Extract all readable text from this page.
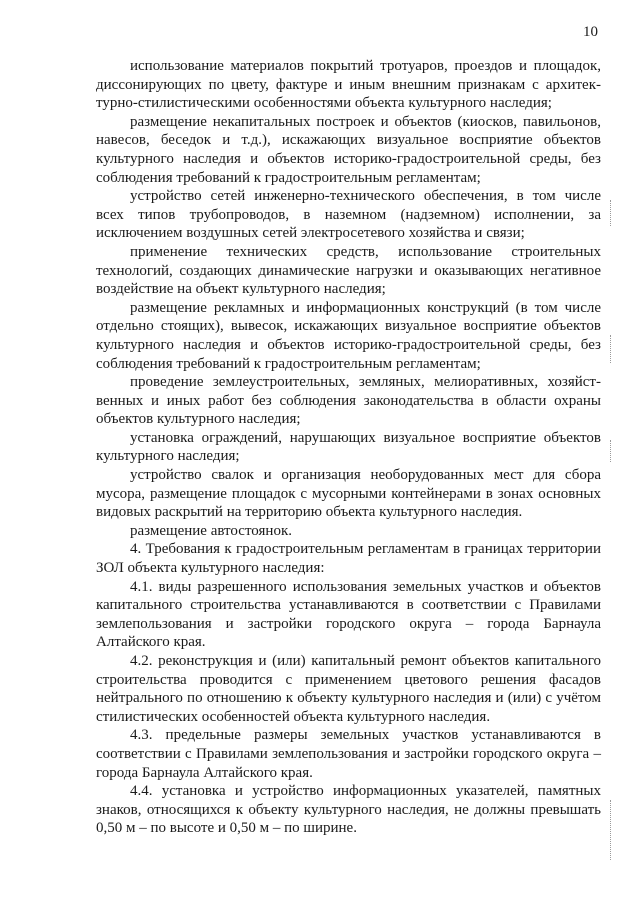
10

использование материалов покрытий тротуаров, проездов и площадок, диссонирующих по цвету, фактуре и иным внешним признакам с архитектурно-стилистическими особенностями объекта культурного наследия;

размещение некапитальных построек и объектов (киосков, павильонов, навесов, беседок и т.д.), искажающих визуальное восприятие объектов культурного наследия и объектов историко-градостроительной среды, без соблюдения требований к градостроительным регламентам;

устройство сетей инженерно-технического обеспечения, в том числе всех типов трубопроводов, в наземном (надземном) исполнении, за исключением воздушных сетей электросетевого хозяйства и связи;

применение технических средств, использование строительных технологий, создающих динамические нагрузки и оказывающих негативное воздействие на объект культурного наследия;

размещение рекламных и информационных конструкций (в том числе отдельно стоящих), вывесок, искажающих визуальное восприятие объектов культурного наследия и объектов историко-градостроительной среды, без соблюдения требований к градостроительным регламентам;

проведение землеустроительных, земляных, мелиоративных, хозяйственных и иных работ без соблюдения законодательства в области охраны объектов культурного наследия;

установка ограждений, нарушающих визуальное восприятие объектов культурного наследия;

устройство свалок и организация необорудованных мест для сбора мусора, размещение площадок с мусорными контейнерами в зонах основных видовых раскрытий на территорию объекта культурного наследия.

размещение автостоянок.

4. Требования к градостроительным регламентам в границах территории ЗОЛ объекта культурного наследия:

4.1. виды разрешенного использования земельных участков и объектов капитального строительства устанавливаются в соответствии с Правилами землепользования и застройки городского округа – города Барнаула Алтайского края.

4.2. реконструкция и (или) капитальный ремонт объектов капитального строительства проводится с применением цветового решения фасадов нейтрального по отношению к объекту культурного наследия и (или) с учётом стилистических особенностей объекта культурного наследия.

4.3. предельные размеры земельных участков устанавливаются в соответствии с Правилами землепользования и застройки городского округа – города Барнаула Алтайского края.

4.4. установка и устройство информационных указателей, памятных знаков, относящихся к объекту культурного наследия, не должны превышать 0,50 м – по высоте и 0,50 м – по ширине.
